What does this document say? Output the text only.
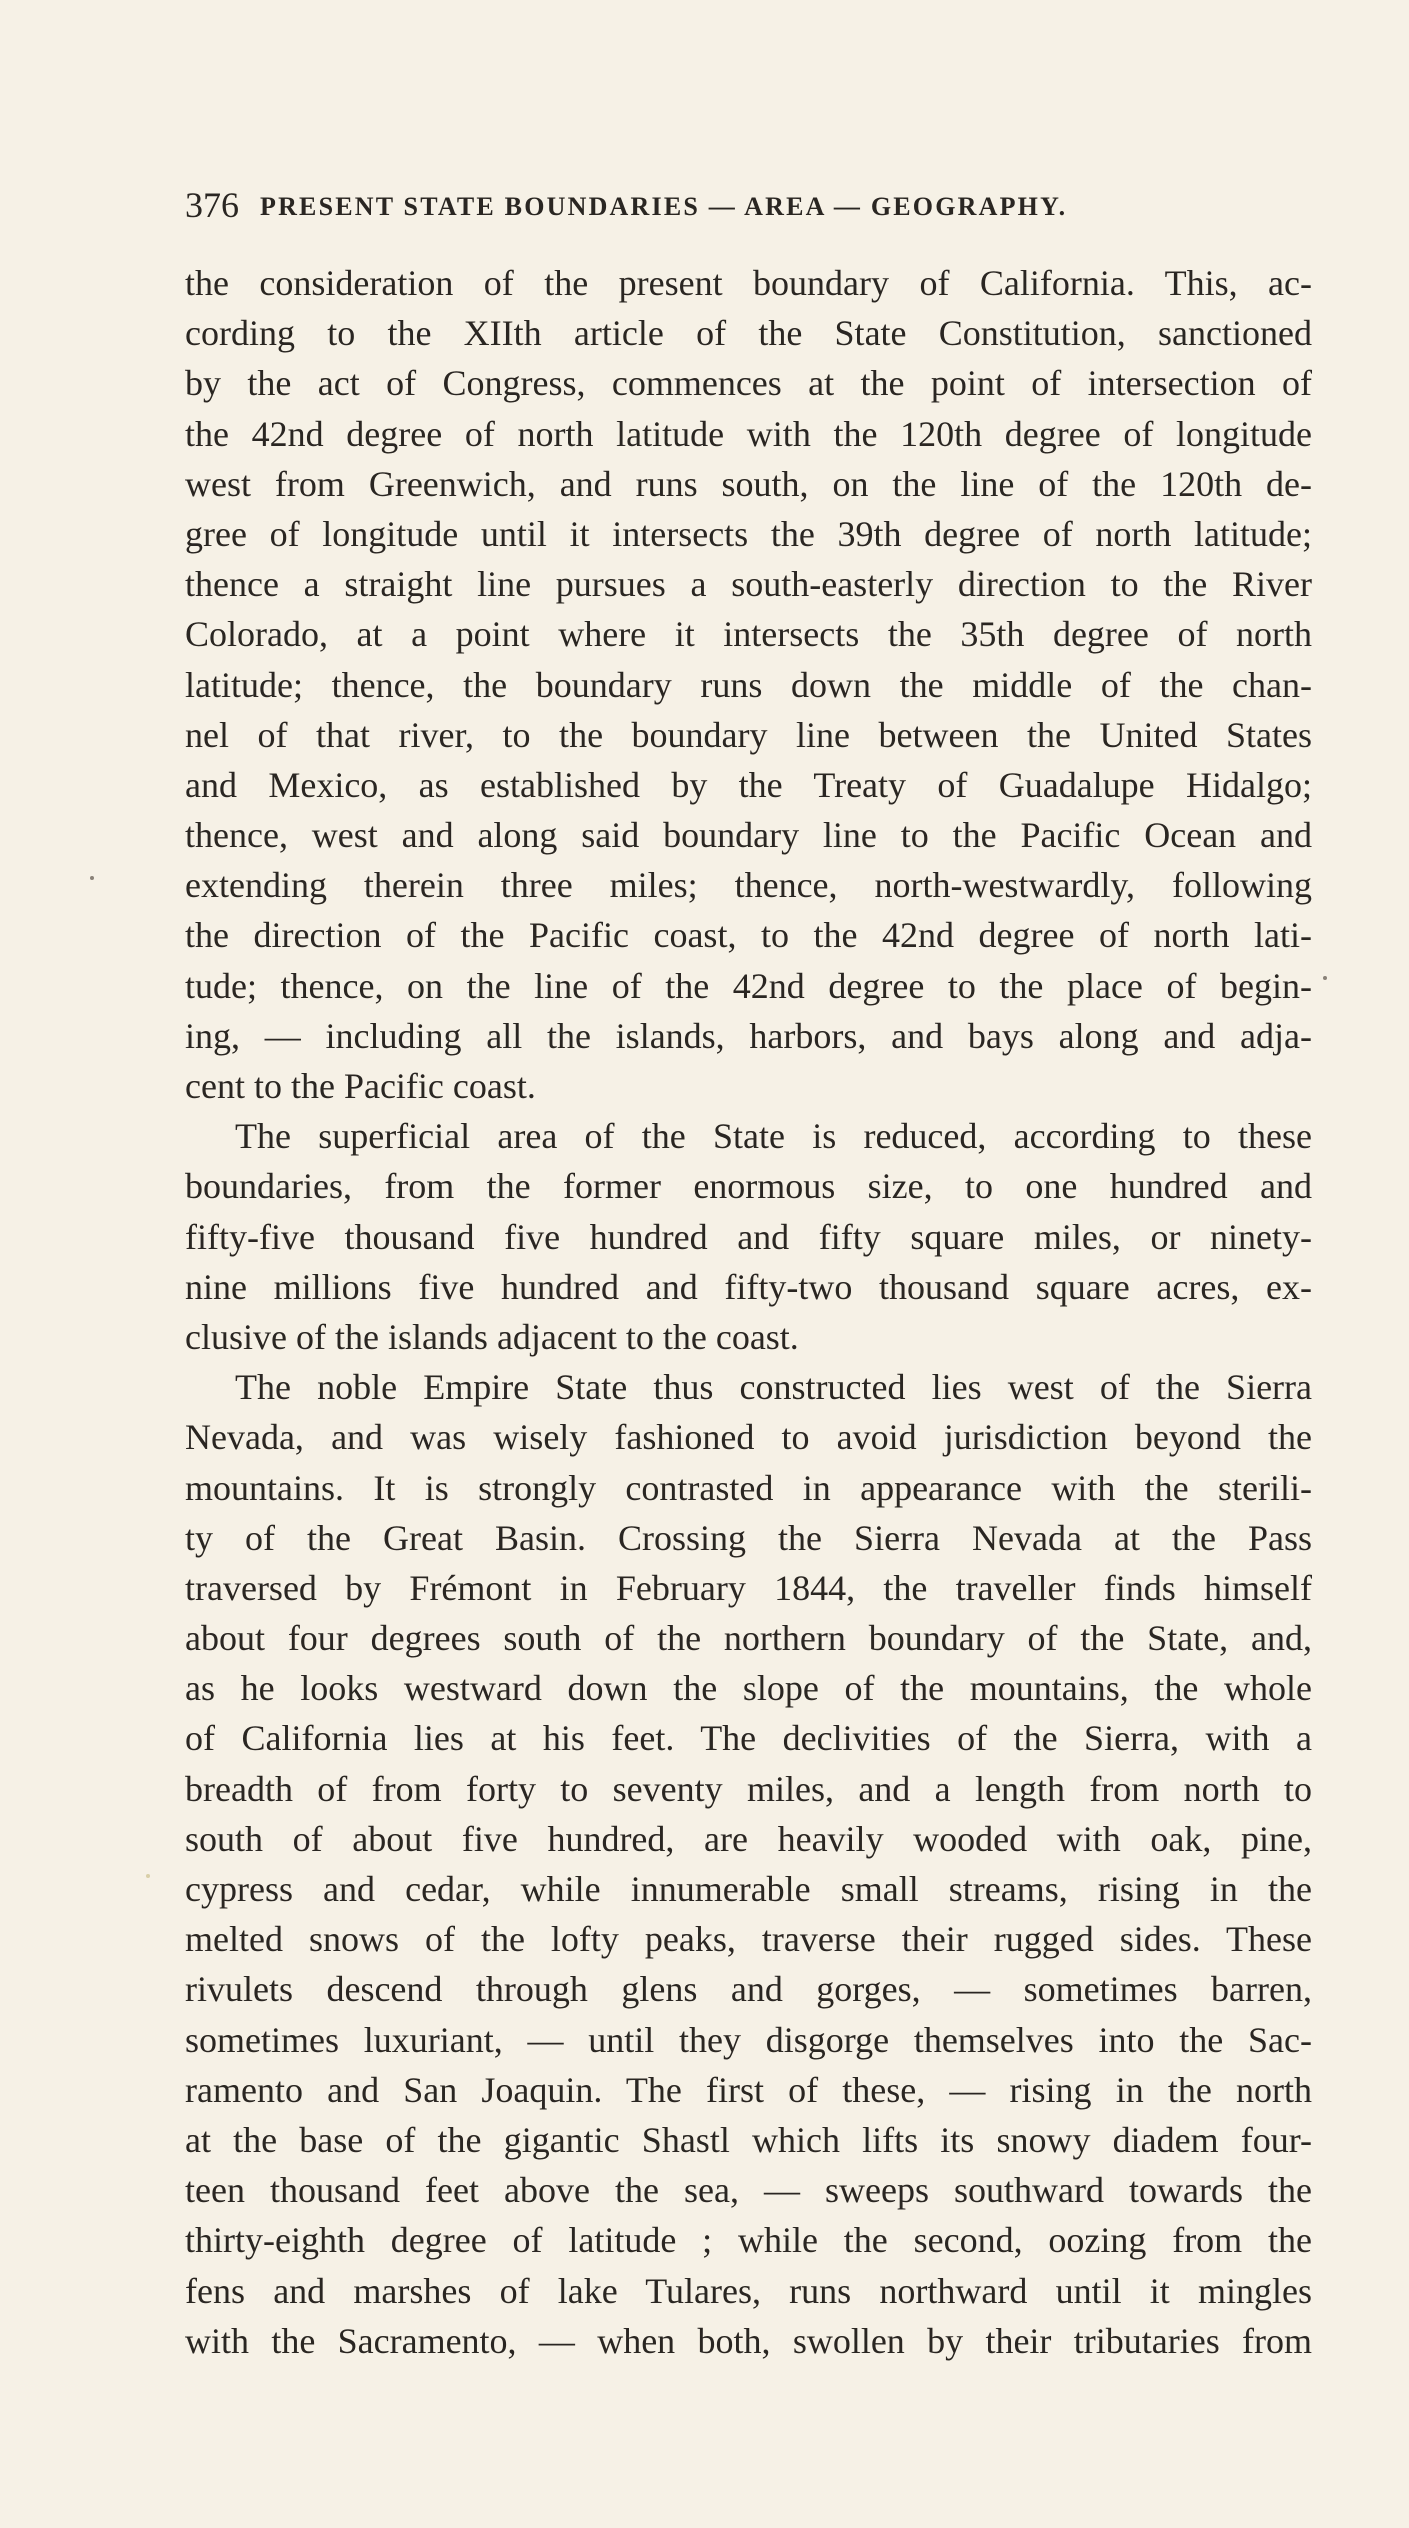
376 PRESENT STATE BOUNDARIES — AREA — GEOGRAPHY.
the consideration of the present boundary of California. This, ac-
cording to the XIIth article of the State Constitution, sanctioned
by the act of Congress, commences at the point of intersection of
the 42nd degree of north latitude with the 120th degree of longitude
west from Greenwich, and runs south, on the line of the 120th de-
gree of longitude until it intersects the 39th degree of north latitude;
thence a straight line pursues a south-easterly direction to the River
Colorado, at a point where it intersects the 35th degree of north
latitude; thence, the boundary runs down the middle of the chan-
nel of that river, to the boundary line between the United States
and Mexico, as established by the Treaty of Guadalupe Hidalgo;
thence, west and along said boundary line to the Pacific Ocean and
extending therein three miles; thence, north-westwardly, following
the direction of the Pacific coast, to the 42nd degree of north lati-
tude; thence, on the line of the 42nd degree to the place of begin-
ing, — including all the islands, harbors, and bays along and adja-
cent to the Pacific coast.
The superficial area of the State is reduced, according to these
boundaries, from the former enormous size, to one hundred and
fifty-five thousand five hundred and fifty square miles, or ninety-
nine millions five hundred and fifty-two thousand square acres, ex-
clusive of the islands adjacent to the coast.
The noble Empire State thus constructed lies west of the Sierra
Nevada, and was wisely fashioned to avoid jurisdiction beyond the
mountains. It is strongly contrasted in appearance with the sterili-
ty of the Great Basin. Crossing the Sierra Nevada at the Pass
traversed by Frémont in February 1844, the traveller finds himself
about four degrees south of the northern boundary of the State, and,
as he looks westward down the slope of the mountains, the whole
of California lies at his feet. The declivities of the Sierra, with a
breadth of from forty to seventy miles, and a length from north to
south of about five hundred, are heavily wooded with oak, pine,
cypress and cedar, while innumerable small streams, rising in the
melted snows of the lofty peaks, traverse their rugged sides. These
rivulets descend through glens and gorges, — sometimes barren,
sometimes luxuriant, — until they disgorge themselves into the Sac-
ramento and San Joaquin. The first of these, — rising in the north
at the base of the gigantic Shastl which lifts its snowy diadem four-
teen thousand feet above the sea, — sweeps southward towards the
thirty-eighth degree of latitude ; while the second, oozing from the
fens and marshes of lake Tulares, runs northward until it mingles
with the Sacramento, — when both, swollen by their tributaries from
